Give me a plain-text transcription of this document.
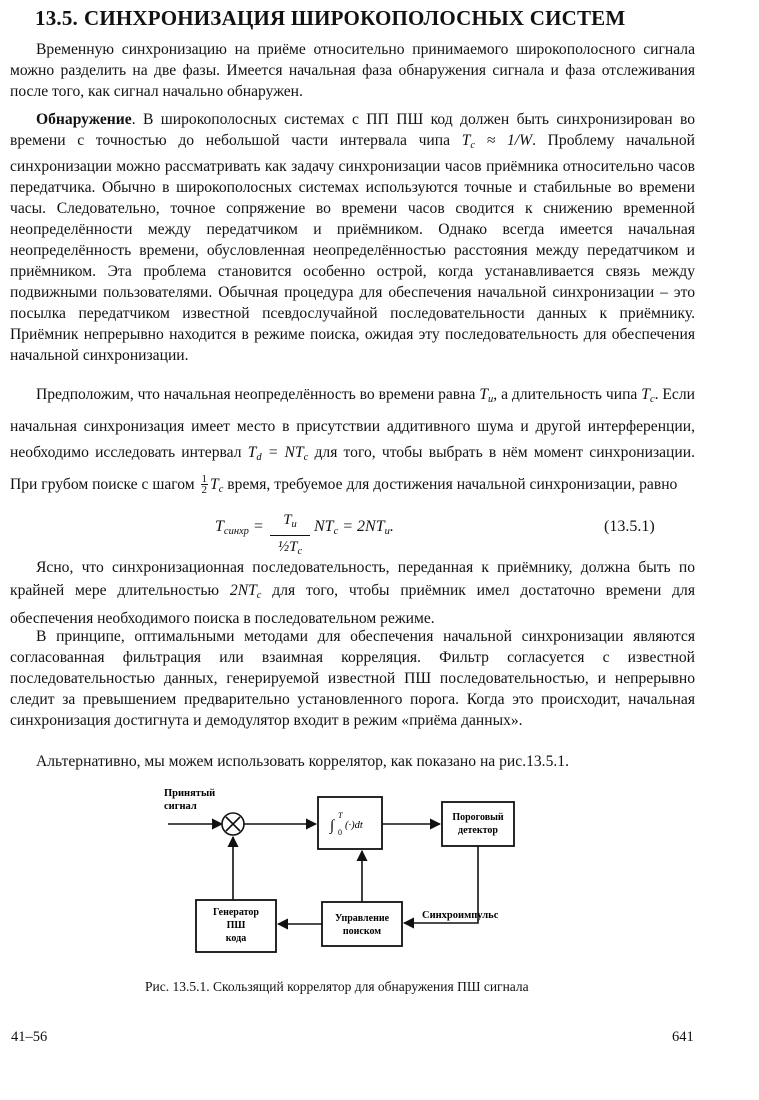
13.5. СИНХРОНИЗАЦИЯ ШИРОКОПОЛОСНЫХ СИСТЕМ

Временную синхронизацию на приёме относительно принимаемого широкополосного сигнала можно разделить на две фазы. Имеется начальная фаза обнаружения сигнала и фаза отслеживания после того, как сигнал начально обнаружен.

Обнаружение. В широкополосных системах с ПП ПШ код должен быть синхронизирован во времени с точностью до небольшой части интервала чипа $T_c \approx 1/W$. Проблему начальной синхронизации можно рассматривать как задачу синхронизации часов приёмника относительно часов передатчика. Обычно в широкополосных системах используются точные и стабильные во времени часы. Следовательно, точное сопряжение во времени часов сводится к снижению временной неопределённости между передатчиком и приёмником. Однако всегда имеется начальная неопределённость времени, обусловленная неопределённостью расстояния между передатчиком и приёмником. Эта проблема становится особенно острой, когда устанавливается связь между подвижными пользователями. Обычная процедура для обеспечения начальной синхронизации – это посылка передатчиком известной псевдослучайной последовательности данных к приёмнику. Приёмник непрерывно находится в режиме поиска, ожидая эту последовательность для обеспечения начальной синхронизации.

Предположим, что начальная неопределённость во времени равна $T_u$, а длительность чипа $T_c$. Если начальная синхронизация имеет место в присутствии аддитивного шума и другой интерференции, необходимо исследовать интервал $T_d = NT_c$ для того, чтобы выбрать в нём момент синхронизации. При грубом поиске с шагом $\frac{1}{2} T_c$ время, требуемое для достижения начальной синхронизации, равно

$T_{синхр}$ =	$T_u$
$\frac{1}{2}T_c$
$NT_c = 2NT_u$.	(13.5.1)

Ясно, что синхронизационная последовательность, переданная к приёмнику, должна быть по крайней мере длительностью $2NT_c$ для того, чтобы приёмник имел достаточно времени для обеспечения необходимого поиска в последовательном режиме.

В принципе, оптимальными методами для обеспечения начальной синхронизации являются согласованная фильтрация или взаимная корреляция. Фильтр согласуется с известной последовательностью данных, генерируемой известной ПШ последовательностью, и непрерывно следит за превышением предварительно установленного порога. Когда это происходит, начальная синхронизация достигнута и демодулятор входит в режим «приёма данных».

Альтернативно, мы можем использовать коррелятор, как показано на рис.13.5.1.

Принятый
сигнал
∫
T
0
(·)dt
Пороговый
детектор
Синхроимпульс
Управление
поиском
Генератор
ПШ
кода
Рис. 13.5.1. Скользящий коррелятор для обнаружения ПШ сигнала
41–56	641
